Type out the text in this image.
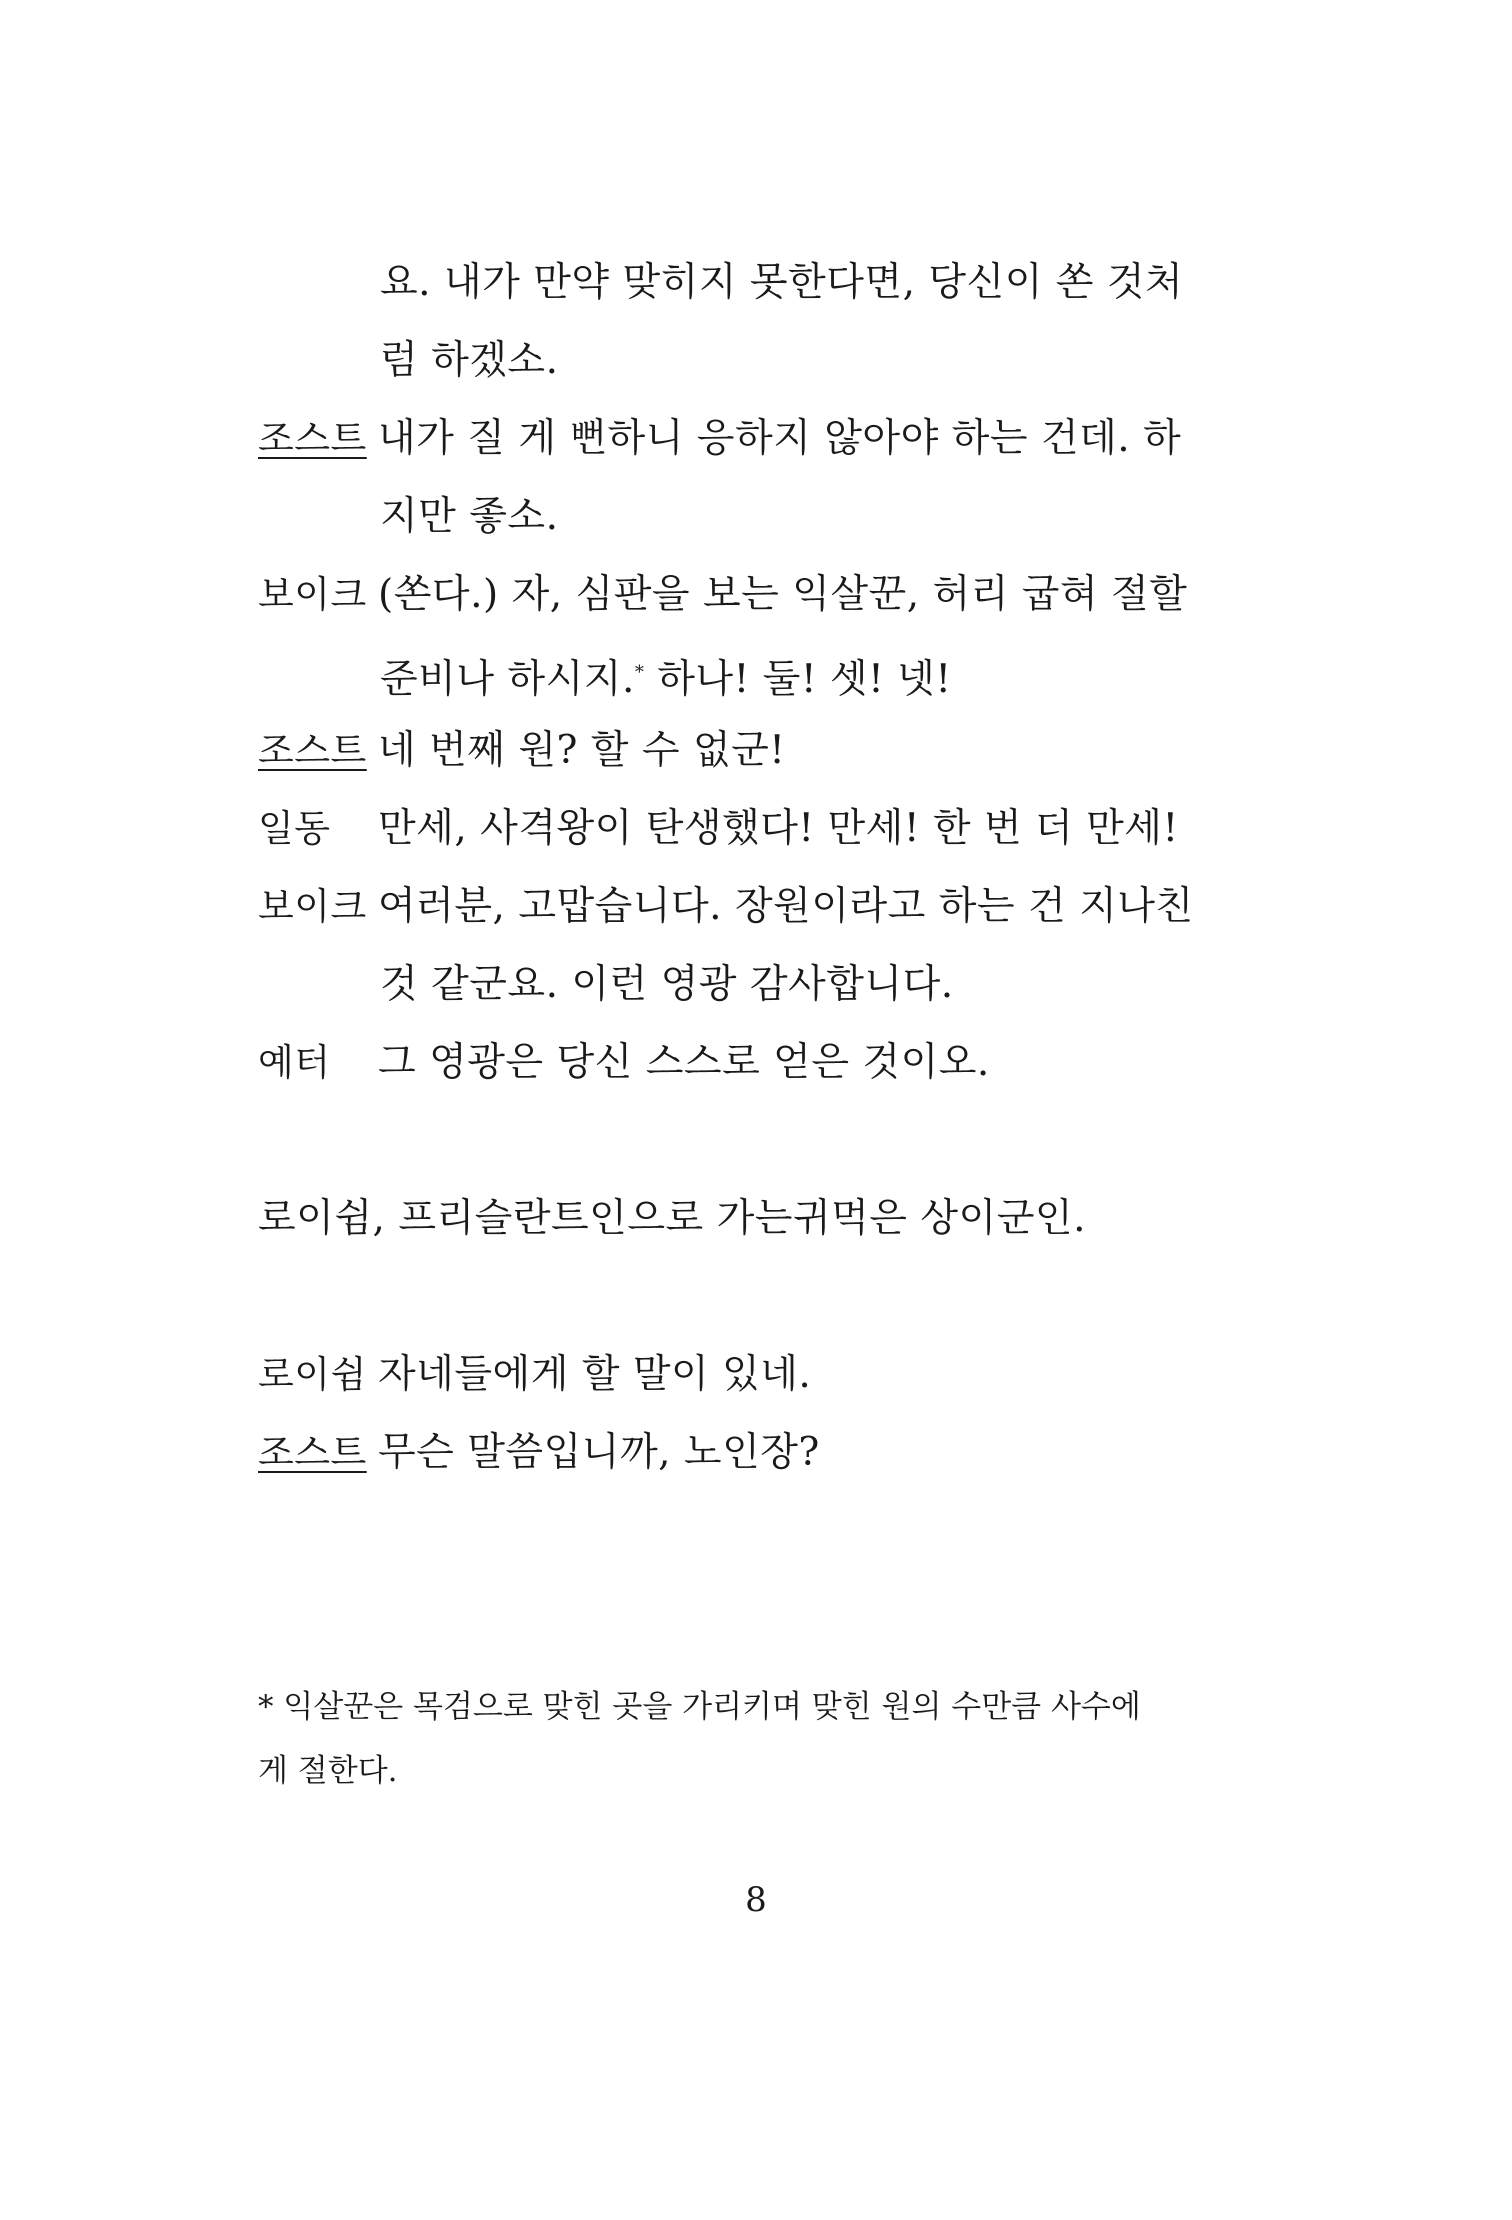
요. 내가 만약 맞히지 못한다면, 당신이 쏜 것처
럼 하겠소.
조스트 내가 질 게 뻔하니 응하지 않아야 하는 건데. 하
지만 좋소.
보이크 (쏜다.) 자, 심판을 보는 익살꾼, 허리 굽혀 절할
준비나 하시지.* 하나! 둘! 셋! 넷!
조스트 네 번째 원? 할 수 없군!
일동 만세, 사격왕이 탄생했다! 만세! 한 번 더 만세!
보이크 여러분, 고맙습니다. 장원이라고 하는 건 지나친
것 같군요. 이런 영광 감사합니다.
예터 그 영광은 당신 스스로 얻은 것이오.
로이쉼, 프리슬란트인으로 가는귀먹은 상이군인.
로이쉼 자네들에게 할 말이 있네.
조스트 무슨 말씀입니까, 노인장?
* 익살꾼은 목검으로 맞힌 곳을 가리키며 맞힌 원의 수만큼 사수에
게 절한다.
8
